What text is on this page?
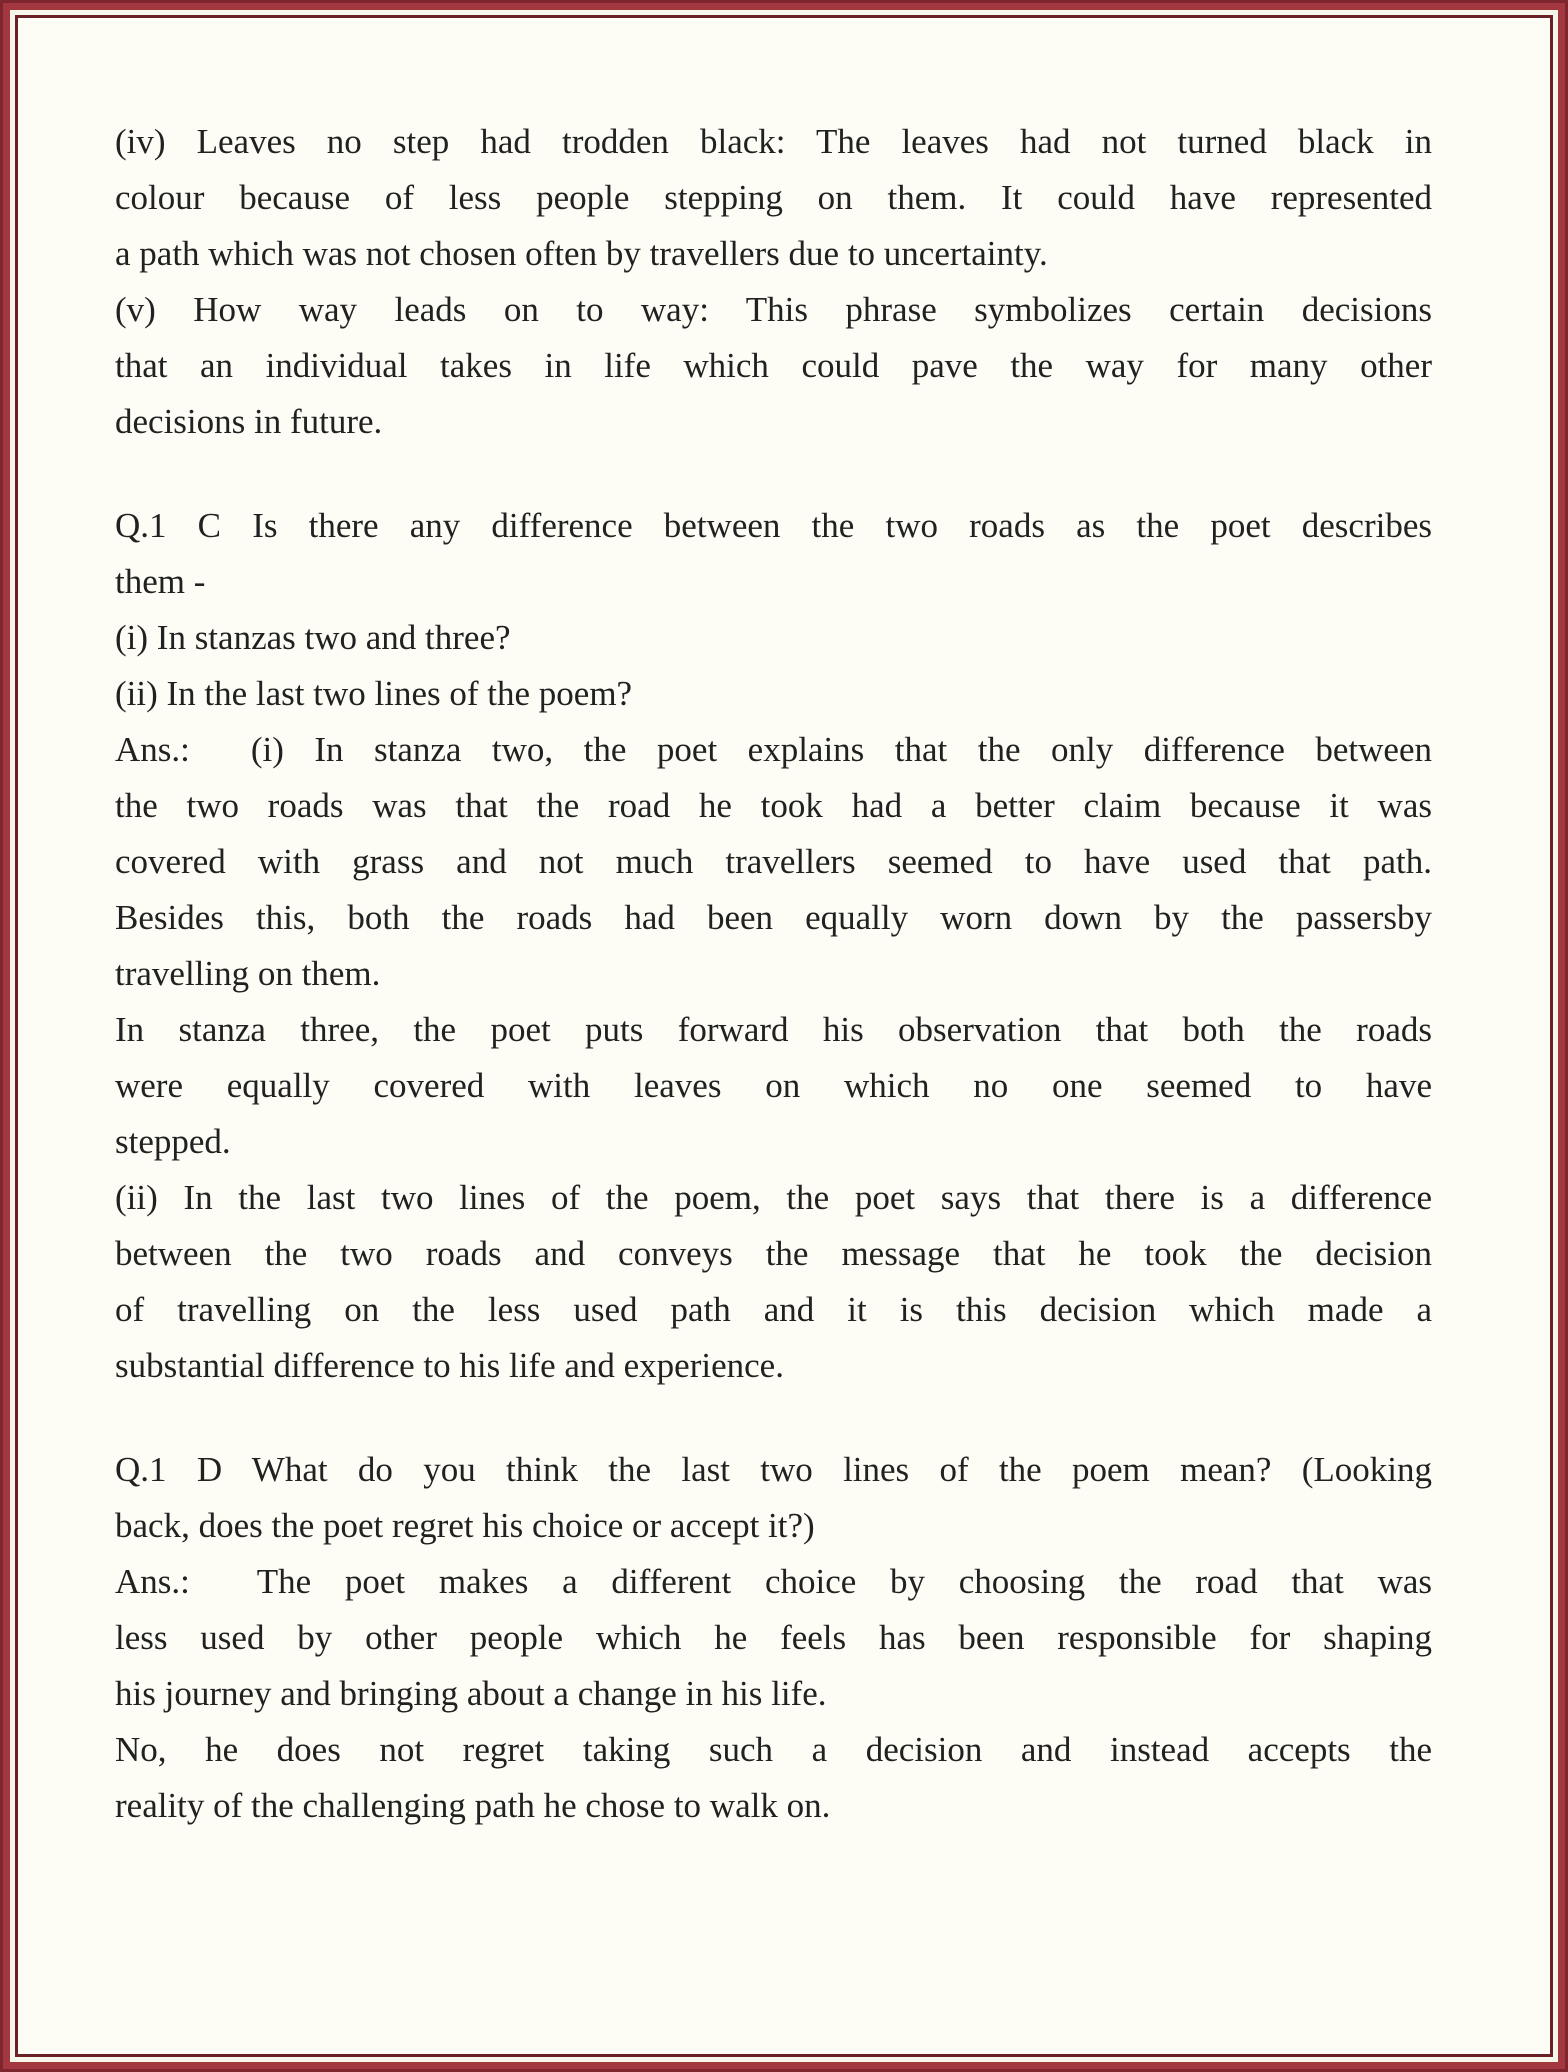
(iv) Leaves no step had trodden black: The leaves had not turned black in
colour because of less people stepping on them. It could have represented
a path which was not chosen often by travellers due to uncertainty.
(v) How way leads on to way: This phrase symbolizes certain decisions
that an individual takes in life which could pave the way for many other
decisions in future.
Q.1 C Is there any difference between the two roads as the poet describes
them -
(i) In stanzas two and three?
(ii) In the last two lines of the poem?
Ans.:  (i) In stanza two, the poet explains that the only difference between
the two roads was that the road he took had a better claim because it was
covered with grass and not much travellers seemed to have used that path.
Besides this, both the roads had been equally worn down by the passersby
travelling on them.
In stanza three, the poet puts forward his observation that both the roads
were equally covered with leaves on which no one seemed to have
stepped.
(ii) In the last two lines of the poem, the poet says that there is a difference
between the two roads and conveys the message that he took the decision
of travelling on the less used path and it is this decision which made a
substantial difference to his life and experience.
Q.1 D What do you think the last two lines of the poem mean? (Looking
back, does the poet regret his choice or accept it?)
Ans.:  The poet makes a different choice by choosing the road that was
less used by other people which he feels has been responsible for shaping
his journey and bringing about a change in his life.
No, he does not regret taking such a decision and instead accepts the
reality of the challenging path he chose to walk on.
